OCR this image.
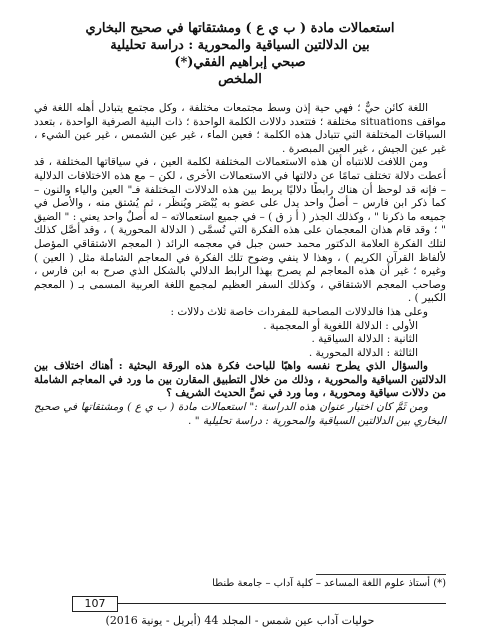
استعمالات مادة ( ب ي ع ) ومشتقاتها في صحيح البخاري
بين الدلالتين السياقية والمحورية : دراسة تحليلية
صبحي إبراهيم الفقي(*)
الملخص

اللغة كائن حيٌّ ؛ فهي حية إذن وسط مجتمعات مختلفة ، وكل مجتمع يتبادل أهله اللغة في مواقف situations مختلفة ؛ فتتعدد دلالات الكلمة الواحدة ؛ ذات البنية الصرفية الواحدة ، بتعدد السياقات المختلفة التي تتبادل هذه الكلمة ؛ فعين الماء ، غير عين الشمس ، غير عين الشيء ، غير عين الجيش ، غير العين المبصرة .

ومن اللافت للانتباه أن هذه الاستعمالات المختلفة لكلمة العين ، في سياقاتها المختلفة ، قد أعطت دلالة تختلف تمامًا عن دلالتها في الاستعمالات الأخرى ، لكن – مع هذه الاختلافات الدلالية – فإنه قد لوحظ أن هناك رابطًا دلاليًا يربط بين هذه الدلالات المختلفة فـ" العين والياء والنون – كما ذكر ابن فارس – أصلٌ واحد يدل على عضو به يُبْصَر ويُنظَر ، ثم يُشتق منه ، والأصل في جميعه ما ذكرنا " ، وكذلك الجذر ( أ ز ق ) – في جميع استعمالاته – له أصلٌ واحد يعني : " الضيق " ؛ وقد قام هذان المعجمان على هذه الفكرة التي تُسمَّى ( الدلالة المحورية ) ، وقد أصَّل كذلك لتلك الفكرة العلامة الدكتور محمد حسن جبل في معجمه الرائد ( المعجم الاشتقاقي المؤصل لألفاظ القرآن الكريم ) ، وهذا لا ينفي وضوح تلك الفكرة في المعاجم الشاملة مثل ( العين ) وغيره ؛ غير أن هذه المعاجم لم يصرح بهذا الرابط الدلالي بالشكل الذي صرح به ابن فارس ، وصاحب المعجم الاشتقاقي ، وكذلك السفر العظيم لمجمع اللغة العربية المسمى بـ ( المعجم الكبير ) .

وعلى هذا فالدلالات المصاحبة للمفردات خاصة ثلاث دلالات :

الأولى : الدلالة اللغوية أو المعجمية .
الثانية : الدلالة السياقية .
الثالثة : الدلالة المحورية .

والسؤال الذي يطرح نفسه واهبًا للباحث فكرة هذه الورقة البحثية : أهناك اختلاف بين الدلالتين السياقية والمحورية ، وذلك من خلال التطبيق المقارن بين ما ورد في المعاجم الشاملة من دلالات سياقية ومحورية ، وما ورد في نصِّ الحديث الشريف ؟

ومن ثَمَّ كان اختيار عنوان هذه الدراسة :" استعمالات مادة ( ب ي ع ) ومشتقاتها في صحيح البخاري بين الدلالتين السياقية والمحورية : دراسة تحليلية " .

(*) أستاذ علوم اللغة المساعد – كلية آداب – جامعة طنطا
107
حوليات آداب عين شمس - المجلد 44 (أبريل - يونية 2016)
